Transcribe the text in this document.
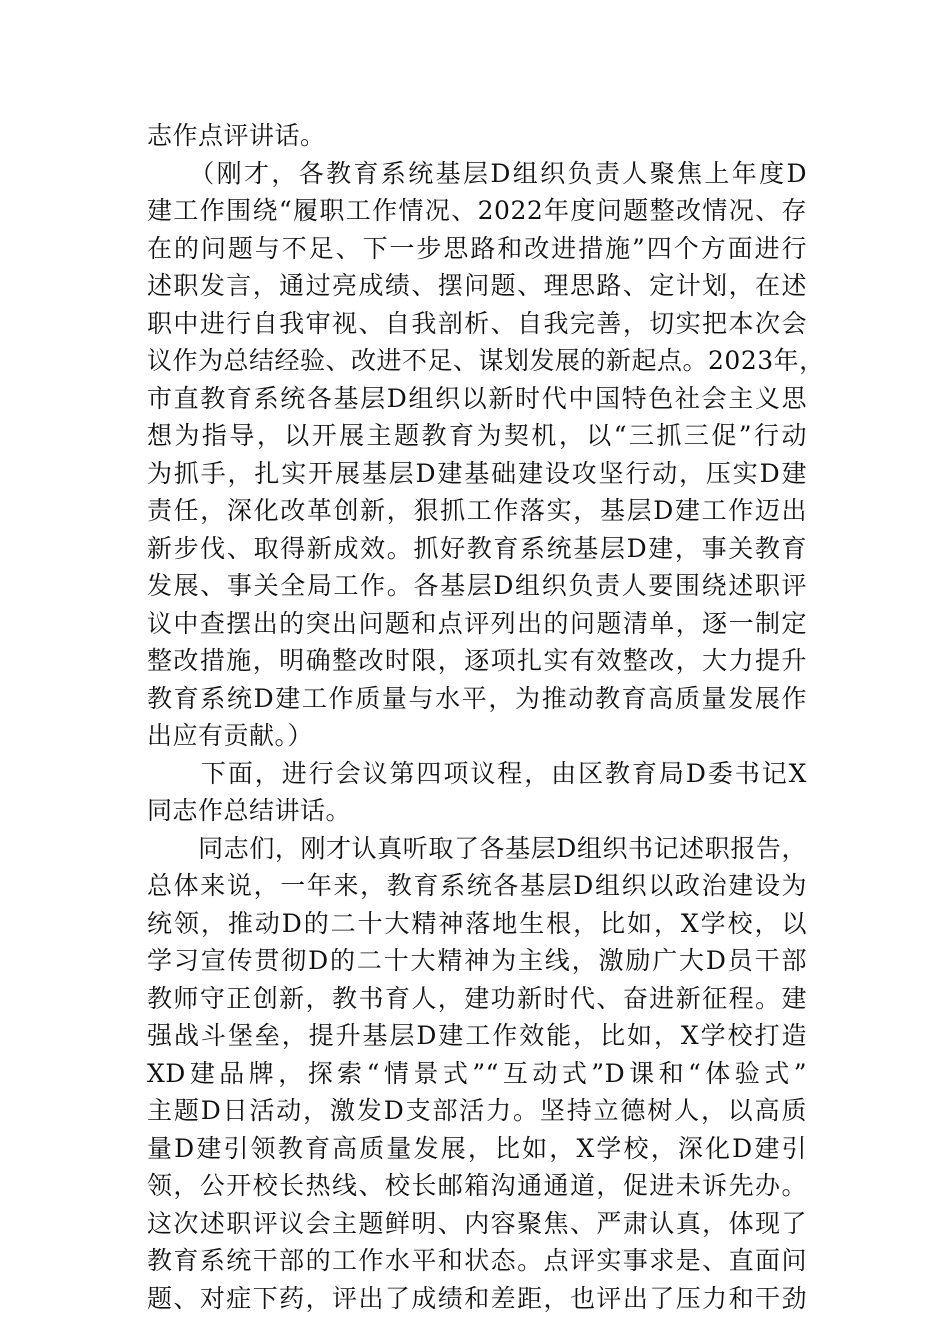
志作点评讲话。
　　（刚才，各教育系统基层D组织负责人聚焦上年度D
建工作围绕“履职工作情况、2022年度问题整改情况、存
在的问题与不足、下一步思路和改进措施”四个方面进行
述职发言，通过亮成绩、摆问题、理思路、定计划，在述
职中进行自我审视、自我剖析、自我完善，切实把本次会
议作为总结经验、改进不足、谋划发展的新起点。2023年，
市直教育系统各基层D组织以新时代中国特色社会主义思
想为指导，以开展主题教育为契机，以“三抓三促”行动
为抓手，扎实开展基层D建基础建设攻坚行动，压实D建
责任，深化改革创新，狠抓工作落实，基层D建工作迈出
新步伐、取得新成效。抓好教育系统基层D建，事关教育
发展、事关全局工作。各基层D组织负责人要围绕述职评
议中查摆出的突出问题和点评列出的问题清单，逐一制定
整改措施，明确整改时限，逐项扎实有效整改，大力提升
教育系统D建工作质量与水平，为推动教育高质量发展作
出应有贡献。）
　　下面，进行会议第四项议程，由区教育局D委书记X
同志作总结讲话。
　　同志们，刚才认真听取了各基层D组织书记述职报告，
总体来说，一年来，教育系统各基层D组织以政治建设为
统领，推动D的二十大精神落地生根，比如，X学校，以
学习宣传贯彻D的二十大精神为主线，激励广大D员干部
教师守正创新，教书育人，建功新时代、奋进新征程。建
强战斗堡垒，提升基层D建工作效能，比如，X学校打造
XD建品牌，探索“情景式”“互动式”D课和“体验式”
主题D日活动，激发D支部活力。坚持立德树人，以高质
量D建引领教育高质量发展，比如，X学校，深化D建引
领，公开校长热线、校长邮箱沟通通道，促进未诉先办。
这次述职评议会主题鲜明、内容聚焦、严肃认真，体现了
教育系统干部的工作水平和状态。点评实事求是、直面问
题、对症下药，评出了成绩和差距，也评出了压力和干劲
